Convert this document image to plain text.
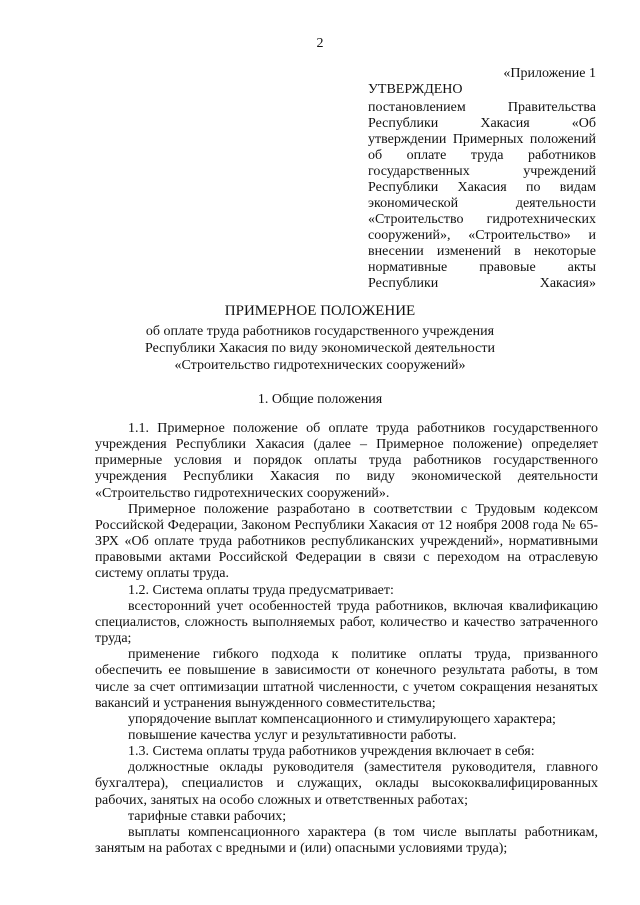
2
«Приложение 1

УТВЕРЖДЕНО

постановлением Правительства Республики Хакасия «Об утверждении Примерных положений об оплате труда работников государственных учреждений Республики Хакасия по видам экономической деятельности «Строительство гидротехнических сооружений», «Строительство» и внесении изменений в некоторые нормативные правовые акты Республики Хакасия»

ПРИМЕРНОЕ ПОЛОЖЕНИЕ
об оплате труда работников государственного учреждения
Республики Хакасия по виду экономической деятельности
«Строительство гидротехнических сооружений»
1. Общие положения

1.1. Примерное положение об оплате труда работников государственного учреждения Республики Хакасия (далее – Примерное положение) определяет примерные условия и порядок оплаты труда работников государственного учреждения Республики Хакасия по виду экономической деятельности «Строительство гидротехнических сооружений».

Примерное положение разработано в соответствии с Трудовым кодексом Российской Федерации, Законом Республики Хакасия от 12 ноября 2008 года № 65-ЗРХ «Об оплате труда работников республиканских учреждений», нормативными правовыми актами Российской Федерации в связи с переходом на отраслевую систему оплаты труда.

1.2. Система оплаты труда предусматривает:

всесторонний учет особенностей труда работников, включая квалификацию специалистов, сложность выполняемых работ, количество и качество затраченного труда;

применение гибкого подхода к политике оплаты труда, призванного обеспечить ее повышение в зависимости от конечного результата работы, в том числе за счет оптимизации штатной численности, с учетом сокращения незанятых вакансий и устранения вынужденного совместительства;

упорядочение выплат компенсационного и стимулирующего характера;

повышение качества услуг и результативности работы.

1.3. Система оплаты труда работников учреждения включает в себя:

должностные оклады руководителя (заместителя руководителя, главного бухгалтера), специалистов и служащих, оклады высококвалифицированных рабочих, занятых на особо сложных и ответственных работах;

тарифные ставки рабочих;

выплаты компенсационного характера (в том числе выплаты работникам, занятым на работах с вредными и (или) опасными условиями труда);
